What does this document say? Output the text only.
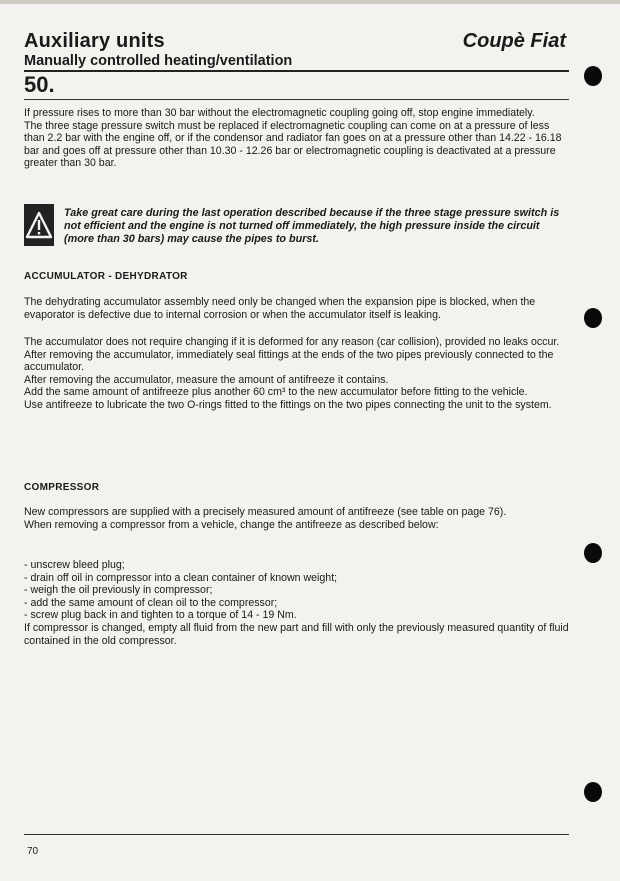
Auxiliary units	Coupè Fiat
Manually controlled heating/ventilation
50.

If pressure rises to more than 30 bar without the electromagnetic coupling going off, stop engine immediately.

The three stage pressure switch must be replaced if electromagnetic coupling can come on at a pressure of less than 2.2 bar with the engine off, or if the condensor and radiator fan goes on at a pressure other than 14.22 - 16.18 bar and goes off at pressure other than 10.30 - 12.26 bar or electromagnetic coupling is deactivated at a pressure greater than 30 bar.

Take great care during the last operation described because if the three stage pressure switch is not efficient and the engine is not turned off immediately, the high pressure inside the circuit (more than 30 bars) may cause the pipes to burst.
ACCUMULATOR - DEHYDRATOR

The dehydrating accumulator assembly need only be changed when the expansion pipe is blocked, when the evaporator is defective due to internal corrosion or when the accumulator itself is leaking.

The accumulator does not require changing if it is deformed for any reason (car collision), provided no leaks occur.

After removing the accumulator, immediately seal fittings at the ends of the two pipes previously connected to the accumulator.

After removing the accumulator, measure the amount of antifreeze it contains.

Add the same amount of antifreeze plus another 60 cm³ to the new accumulator before fitting to the vehicle.

Use antifreeze to lubricate the two O-rings fitted to the fittings on the two pipes connecting the unit to the system.

COMPRESSOR

New compressors are supplied with a precisely measured amount of antifreeze (see table on page 76).

When removing a compressor from a vehicle, change the antifreeze as described below:

- unscrew bleed plug;
- drain off oil in compressor into a clean container of known weight;
- weigh the oil previously in compressor;
- add the same amount of clean oil to the compressor;
- screw plug back in and tighten to a torque of 14 - 19 Nm.

If compressor is changed, empty all fluid from the new part and fill with only the previously measured quantity of fluid contained in the old compressor.

70
